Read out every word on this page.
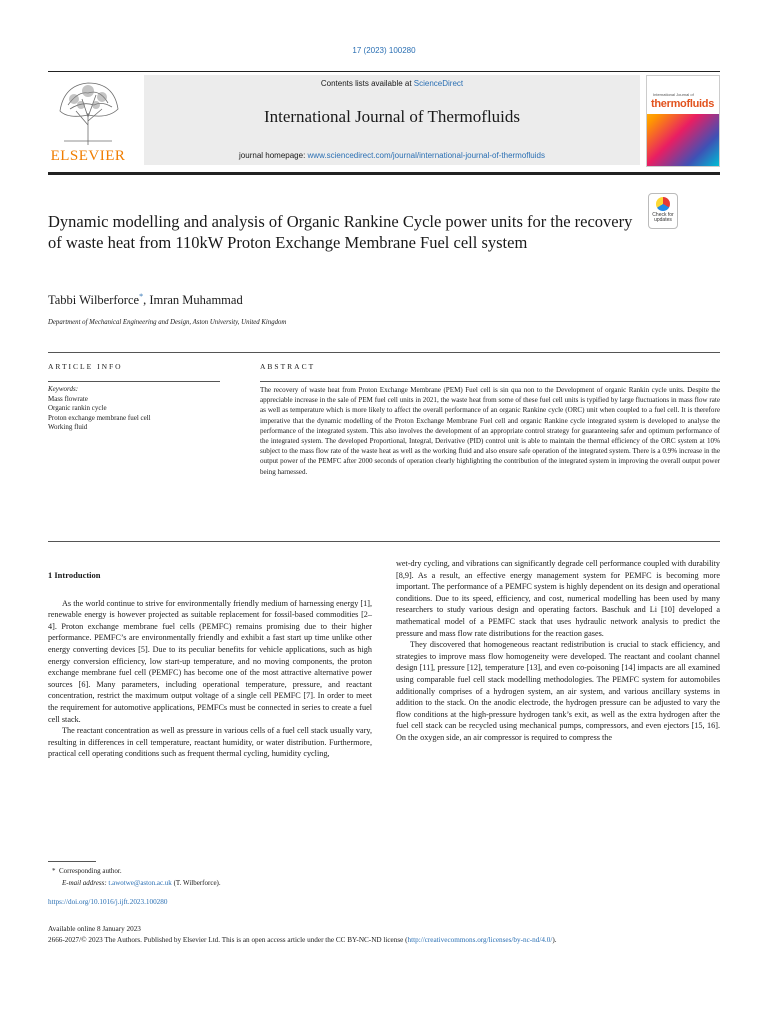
17 (2023) 100280
ELSEVIER
Contents lists available at ScienceDirect
International Journal of Thermofluids
journal homepage: www.sciencedirect.com/journal/international-journal-of-thermofluids
International Journal of
thermofluids
Check for
updates
Dynamic modelling and analysis of Organic Rankine Cycle power units for the recovery of waste heat from 110kW Proton Exchange Membrane Fuel cell system
Tabbi Wilberforce*, Imran Muhammad
Department of Mechanical Engineering and Design, Aston University, United Kingdom
ARTICLE INFO	ABSTRACT
Keywords:
Mass flowrate
Organic rankin cycle
Proton exchange membrane fuel cell
Working fluid
The recovery of waste heat from Proton Exchange Membrane (PEM) Fuel cell is sin qua non to the Development of organic Rankin cycle units. Despite the appreciable increase in the sale of PEM fuel cell units in 2021, the waste heat from some of these fuel cell units is typified by large fluctuations in mass flow rate as well as temperature which is more likely to affect the overall performance of an organic Rankine cycle (ORC) unit when coupled to a fuel cell. It is therefore imperative that the dynamic modelling of the Proton Exchange Membrane Fuel cell and organic Rankine cycle integrated system is developed to analyse the performance of the integrated system. This also involves the development of an appropriate control strategy for guaranteeing safer and optimum performance of the integrated system. The developed Proportional, Integral, Derivative (PID) control unit is able to maintain the thermal efficiency of the ORC system at 10% subject to the mass flow rate of the waste heat as well as the working fluid and also ensure safe operation of the integrated system. There is a 0.9% increase in the output power of the PEMFC after 2000 seconds of operation clearly highlighting the contribution of the integrated system in improving the overall output power being harnessed.

1 Introduction

As the world continue to strive for environmentally friendly medium of harnessing energy [1], renewable energy is however projected as suitable replacement for fossil-based commodities [2–4]. Proton exchange membrane fuel cells (PEMFC) remains promising due to their higher performance. PEMFC’s are environmentally friendly and exhibit a fast start up time unlike other energy converting devices [5]. Due to its peculiar benefits for vehicle applications, such as high energy conversion efficiency, low start-up temperature, and no moving components, the proton exchange membrane fuel cell (PEMFC) has become one of the most attractive alternative power sources [6]. Many parameters, including operational temperature, pressure, and reactant concentration, restrict the maximum output voltage of a single cell PEMFC [7]. In order to meet the requirement for automotive applications, PEMFCs must be connected in series to create a fuel cell stack.

The reactant concentration as well as pressure in various cells of a fuel cell stack usually vary, resulting in differences in cell temperature, reactant humidity, or water distribution. Furthermore, practical cell operating conditions such as frequent thermal cycling, humidity cycling,

wet-dry cycling, and vibrations can significantly degrade cell performance coupled with durability [8,9]. As a result, an effective energy management system for PEMFC is becoming more important. The performance of a PEMFC system is highly dependent on its design and operational conditions. Due to its speed, efficiency, and cost, numerical modelling has been used by many researchers to study various design and operating factors. Baschuk and Li [10] developed a mathematical model of a PEMFC stack that uses hydraulic network analysis to predict the pressure and mass flow rate distributions for the reaction gases.

They discovered that homogeneous reactant redistribution is crucial to stack efficiency, and strategies to improve mass flow homogeneity were developed. The reactant and coolant channel design [11], pressure [12], temperature [13], and even co-poisoning [14] impacts are all examined using comparable fuel cell stack modelling methodologies. The PEMFC system for automobiles additionally comprises of a hydrogen system, an air system, and various ancillary systems in addition to the stack. On the anodic electrode, the hydrogen pressure can be adjusted to vary the flow conditions at the high-pressure hydrogen tank’s exit, as well as the extra hydrogen after the fuel cell stack can be recycled using mechanical pumps, compressors, and even ejectors [15, 16]. On the oxygen side, an air compressor is required to compress the

* Corresponding author.
E-mail address: t.awotwe@aston.ac.uk (T. Wilberforce).
https://doi.org/10.1016/j.ijft.2023.100280
Available online 8 January 2023
2666-2027/© 2023 The Authors. Published by Elsevier Ltd. This is an open access article under the CC BY-NC-ND license (http://creativecommons.org/licenses/by-nc-nd/4.0/).
